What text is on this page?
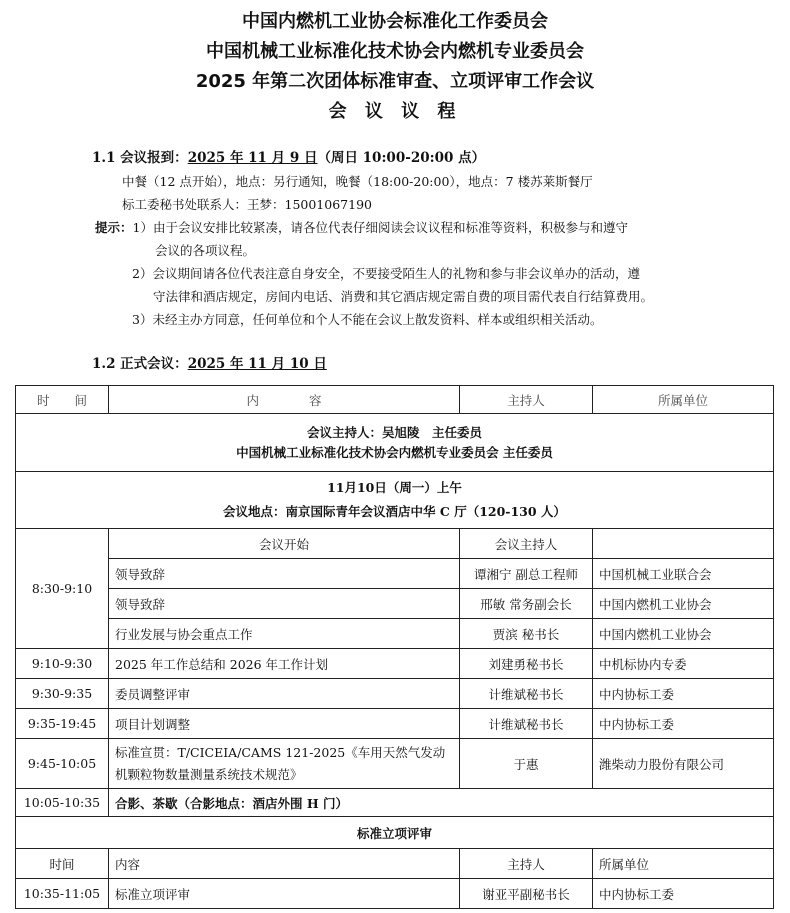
中国内燃机工业协会标准化工作委员会
中国机械工业标准化技术协会内燃机专业委员会
2025 年第二次团体标准审查、立项评审工作会议
会 议 议 程
1.1 会议报到：2025 年 11 月 9 日（周日 10:00-20:00 点）
中餐（12 点开始），地点：另行通知，晚餐（18:00-20:00），地点：7 楼苏莱斯餐厅
标工委秘书处联系人：王梦：15001067190
提示：1）由于会议安排比较紧凑，请各位代表仔细阅读会议议程和标准等资料，积极参与和遵守
会议的各项议程。
2）会议期间请各位代表注意自身安全，不要接受陌生人的礼物和参与非会议单办的活动，遵
守法律和酒店规定，房间内电话、消费和其它酒店规定需自费的项目需代表自行结算费用。
3）未经主办方同意，任何单位和个人不能在会议上散发资料、样本或组织相关活动。
1.2 正式会议：2025 年 11 月 10 日
时　　间	内　　　　容	主持人	所属单位

会议主持人：吴旭陵　主任委员
中国机械工业标准化技术协会内燃机专业委员会 主任委员			

11月10日（周一）上午
会议地点：南京国际青年会议酒店中华 C 厅（120-130 人）			

8:30-9:10	会议开始	会议主持人	
	领导致辞	谭湘宁 副总工程师	中国机械工业联合会
	领导致辞	邢敏 常务副会长	中国内燃机工业协会
	行业发展与协会重点工作	贾滨 秘书长	中国内燃机工业协会
9:10-9:30	2025 年工作总结和 2026 年工作计划	刘建勇秘书长	中机标协内专委
9:30-9:35	委员调整评审	计维斌秘书长	中内协标工委
9:35-19:45	项目计划调整	计维斌秘书长	中内协标工委
9:45-10:05	标准宣贯：T/CICEIA/CAMS 121-2025《车用天然气发动
机颗粒物数量测量系统技术规范》	于惠	潍柴动力股份有限公司
10:05-10:35	合影、茶歇（合影地点：酒店外围 H 门）		
标准立项评审			
时间	内容	主持人	所属单位
10:35-11:05	标准立项评审	谢亚平副秘书长	中内协标工委
